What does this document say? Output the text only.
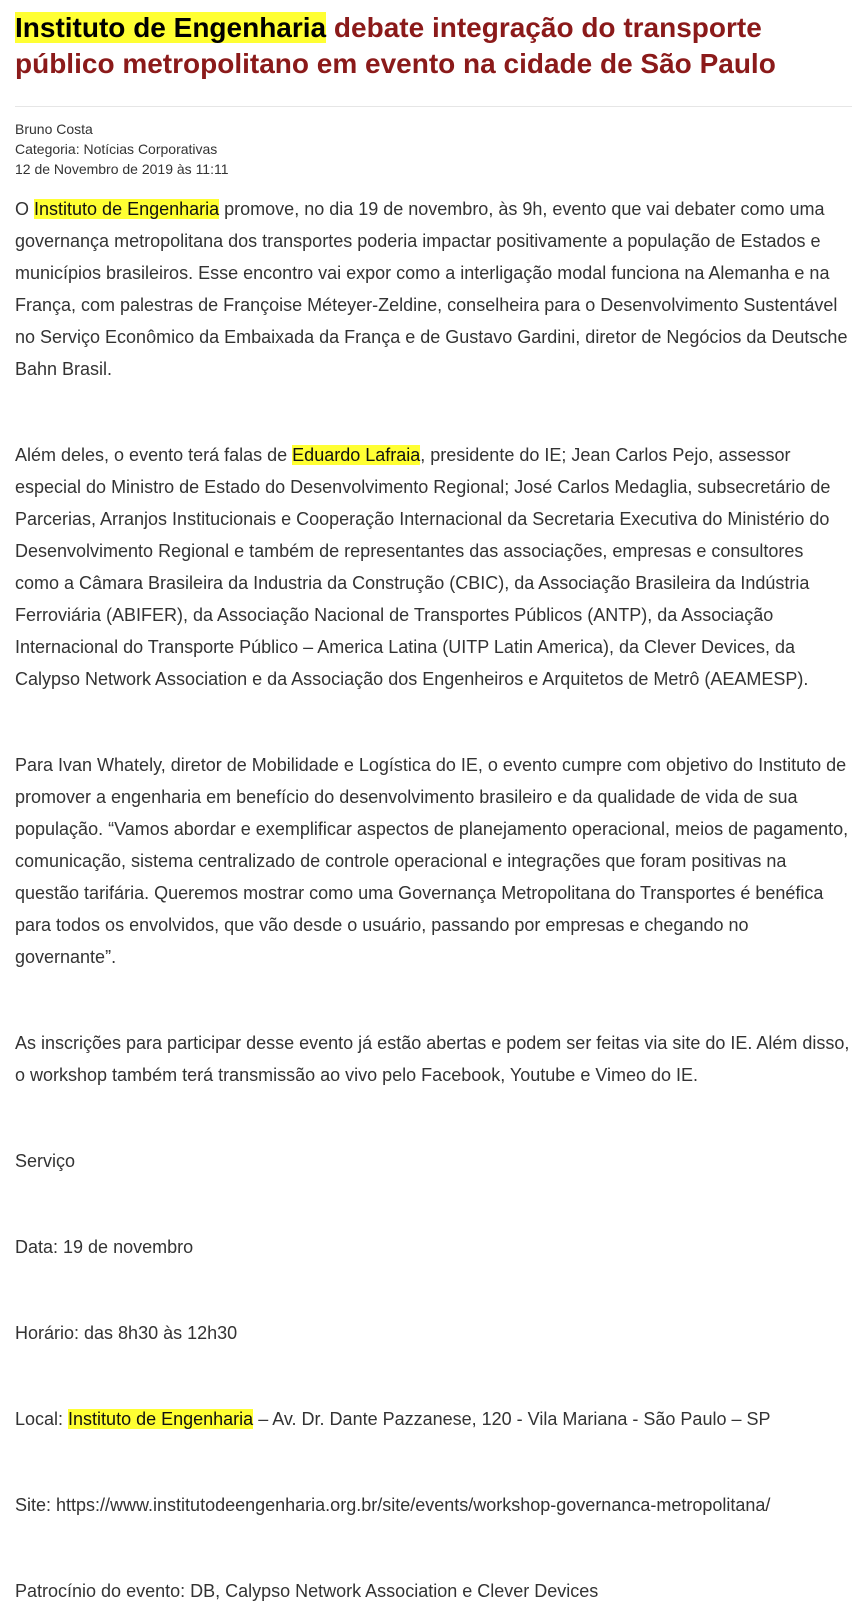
Instituto de Engenharia debate integração do transporte público metropolitano em evento na cidade de São Paulo
Bruno Costa
Categoria: Notícias Corporativas
12 de Novembro de 2019 às 11:11

O Instituto de Engenharia promove, no dia 19 de novembro, às 9h, evento que vai debater como uma governança metropolitana dos transportes poderia impactar positivamente a população de Estados e municípios brasileiros. Esse encontro vai expor como a interligação modal funciona na Alemanha e na França, com palestras de Françoise Méteyer-Zeldine, conselheira para o Desenvolvimento Sustentável no Serviço Econômico da Embaixada da França e de Gustavo Gardini, diretor de Negócios da Deutsche Bahn Brasil.

Além deles, o evento terá falas de Eduardo Lafraia, presidente do IE; Jean Carlos Pejo, assessor especial do Ministro de Estado do Desenvolvimento Regional; José Carlos Medaglia, subsecretário de Parcerias, Arranjos Institucionais e Cooperação Internacional da Secretaria Executiva do Ministério do Desenvolvimento Regional e também de representantes das associações, empresas e consultores como a Câmara Brasileira da Industria da Construção (CBIC), da Associação Brasileira da Indústria Ferroviária (ABIFER), da Associação Nacional de Transportes Públicos (ANTP), da Associação Internacional do Transporte Público – America Latina (UITP Latin America), da Clever Devices, da Calypso Network Association e da Associação dos Engenheiros e Arquitetos de Metrô (AEAMESP).

Para Ivan Whately, diretor de Mobilidade e Logística do IE, o evento cumpre com objetivo do Instituto de promover a engenharia em benefício do desenvolvimento brasileiro e da qualidade de vida de sua população. “Vamos abordar e exemplificar aspectos de planejamento operacional, meios de pagamento, comunicação, sistema centralizado de controle operacional e integrações que foram positivas na questão tarifária. Queremos mostrar como uma Governança Metropolitana do Transportes é benéfica para todos os envolvidos, que vão desde o usuário, passando por empresas e chegando no governante”.

As inscrições para participar desse evento já estão abertas e podem ser feitas via site do IE. Além disso, o workshop também terá transmissão ao vivo pelo Facebook, Youtube e Vimeo do IE.

Serviço

Data: 19 de novembro

Horário: das 8h30 às 12h30

Local: Instituto de Engenharia – Av. Dr. Dante Pazzanese, 120 - Vila Mariana - São Paulo – SP

Site: https://www.institutodeengenharia.org.br/site/events/workshop-governanca-metropolitana/

Patrocínio do evento: DB, Calypso Network Association e Clever Devices
